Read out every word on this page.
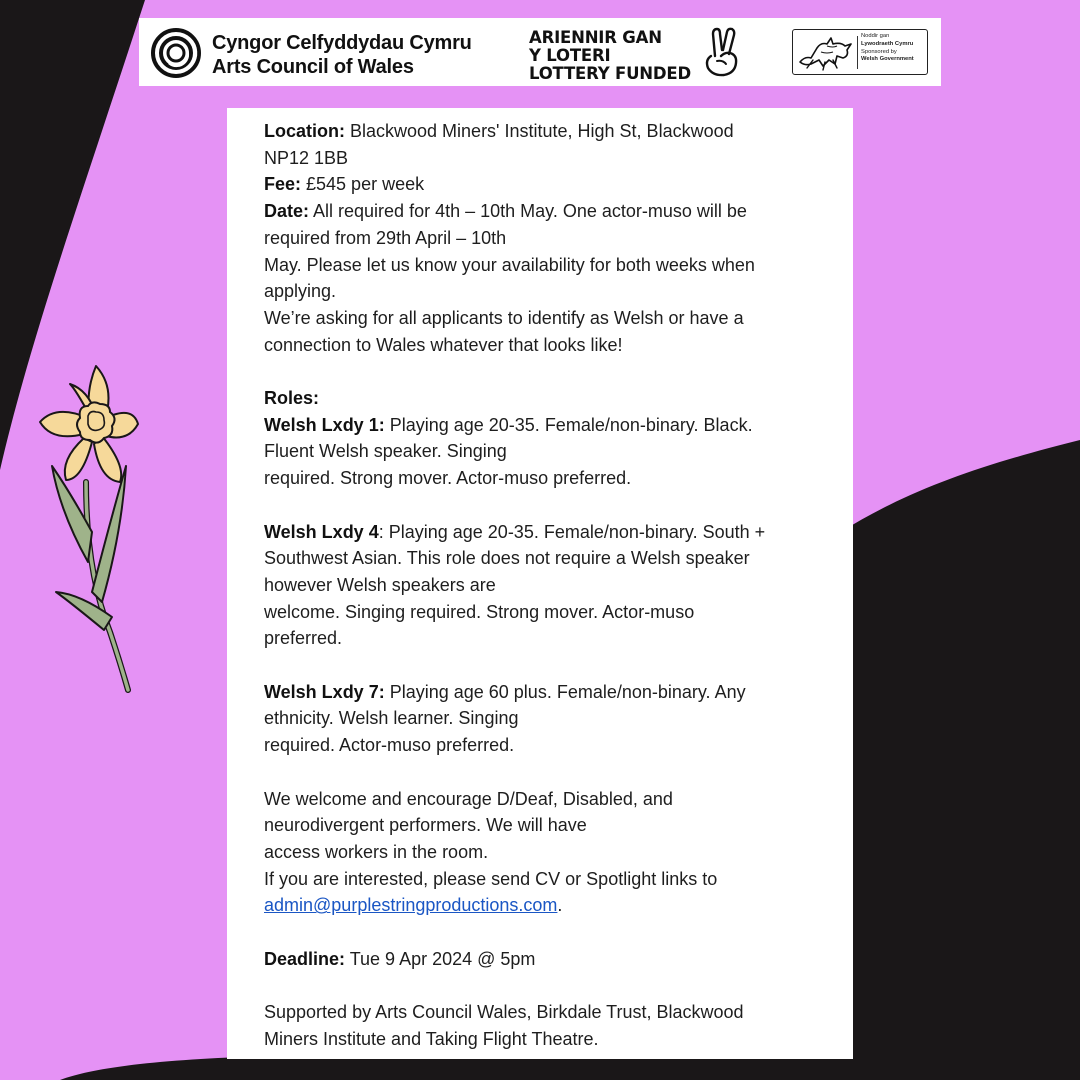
Cyngor Celfyddydau Cymru
Arts Council of Wales
ARIENNIR GAN
Y LOTERI
LOTTERY FUNDED
Noddir gan
Lywodraeth Cymru
Sponsored by
Welsh Government
Location: Blackwood Miners' Institute, High St, Blackwood
NP12 1BB
Fee: £545 per week
Date: All required for 4th – 10th May. One actor-muso will be
required from 29th April – 10th
May. Please let us know your availability for both weeks when
applying.
We’re asking for all applicants to identify as Welsh or have a
connection to Wales whatever that looks like!
Roles:
Welsh Lxdy 1: Playing age 20-35. Female/non-binary. Black.
Fluent Welsh speaker. Singing
required. Strong mover. Actor-muso preferred.
Welsh Lxdy 4: Playing age 20-35. Female/non-binary. South +
Southwest Asian. This role does not require a Welsh speaker
however Welsh speakers are
welcome. Singing required. Strong mover. Actor-muso
preferred.
Welsh Lxdy 7: Playing age 60 plus. Female/non-binary. Any
ethnicity. Welsh learner. Singing
required. Actor-muso preferred.
We welcome and encourage D/Deaf, Disabled, and
neurodivergent performers. We will have
access workers in the room.
If you are interested, please send CV or Spotlight links to
admin@purplestringproductions.com.
Deadline: Tue 9 Apr 2024 @ 5pm
Supported by Arts Council Wales, Birkdale Trust, Blackwood
Miners Institute and Taking Flight Theatre.
